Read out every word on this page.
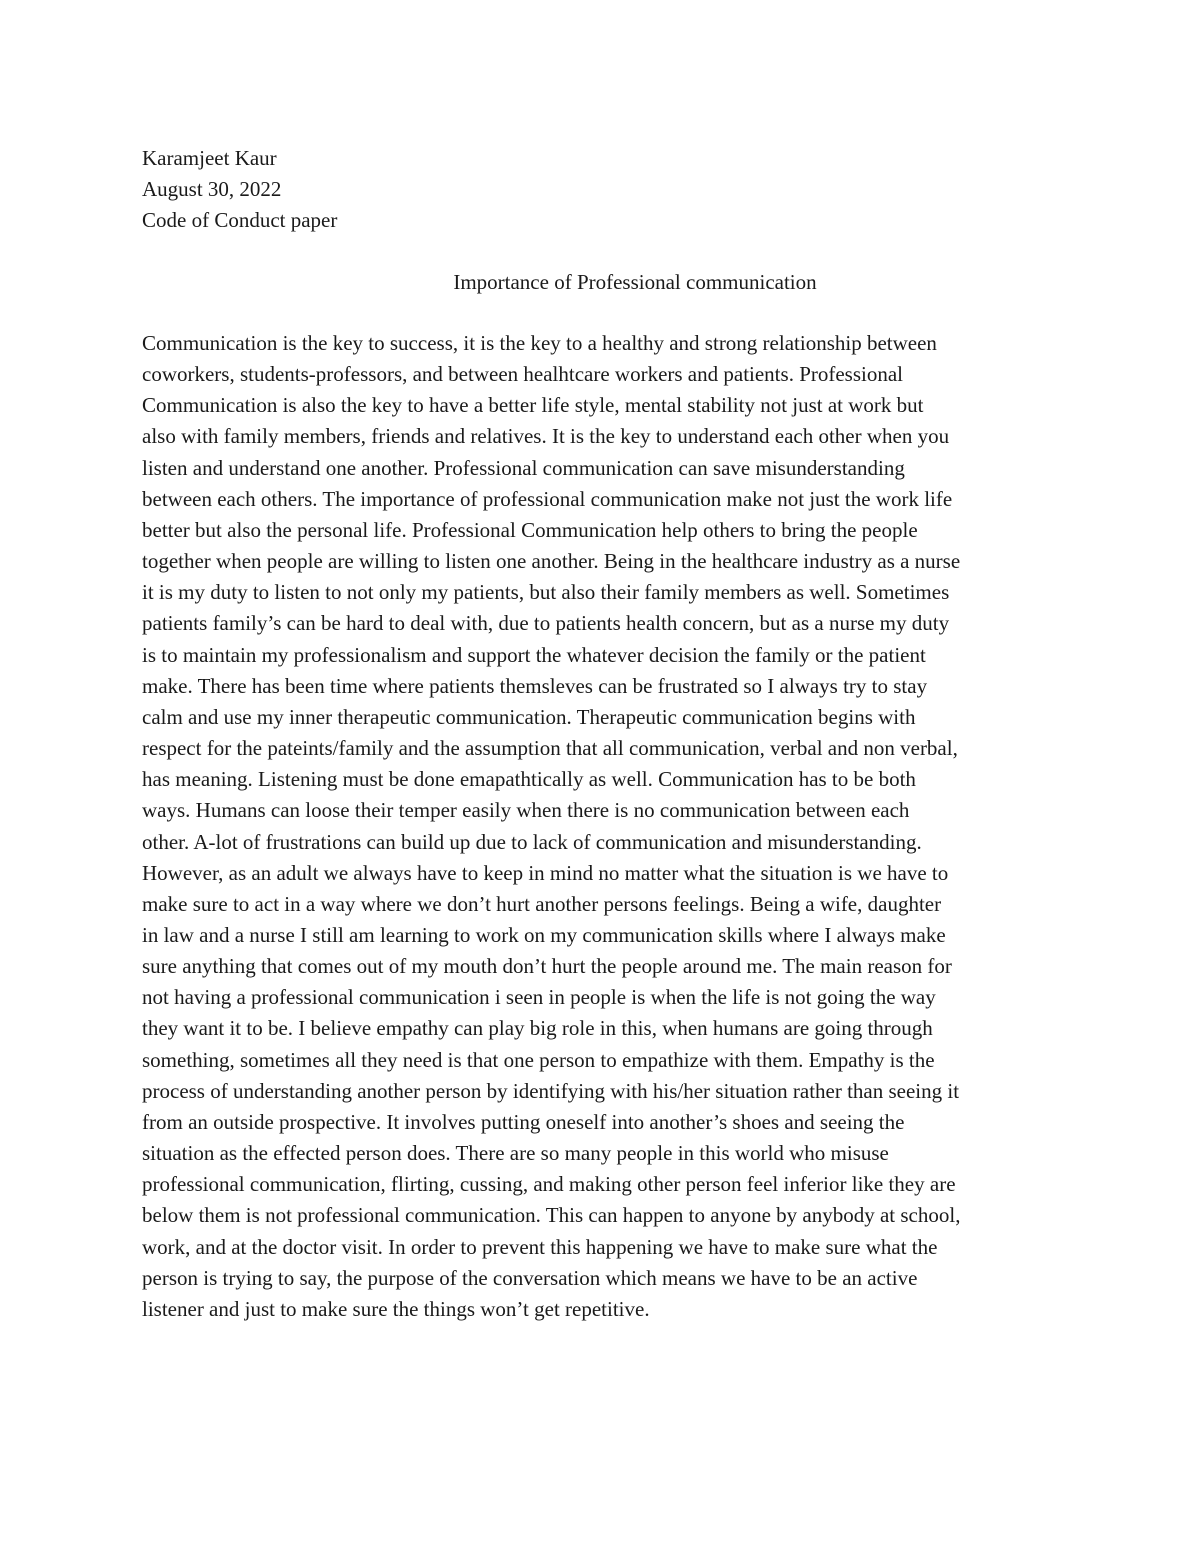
Karamjeet Kaur
August 30, 2022
Code of Conduct paper
Importance of Professional communication
Communication is the key to success, it is the key to a healthy and strong relationship between
coworkers, students-professors, and between healhtcare workers and patients. Professional
Communication is also the key to have a better life style, mental stability not just at work but
also with family members, friends and relatives. It is the key to understand each other when you
listen and understand one another. Professional communication can save misunderstanding
between each others. The importance of professional communication make not just the work life
better but also the personal life. Professional Communication help others to bring the people
together when people are willing to listen one another. Being in the healthcare industry as a nurse
it is my duty to listen to not only my patients, but also their family members as well. Sometimes
patients family’s can be hard to deal with, due to patients health concern, but as a nurse my duty
is to maintain my professionalism and support the whatever decision the family or the patient
make. There has been time where patients themsleves can be frustrated so I always try to stay
calm and use my inner therapeutic communication. Therapeutic communication begins with
respect for the pateints/family and the assumption that all communication, verbal and non verbal,
has meaning. Listening must be done emapathtically as well. Communication has to be both
ways. Humans can loose their temper easily when there is no communication between each
other. A-lot of frustrations can build up due to lack of communication and misunderstanding.
However, as an adult we always have to keep in mind no matter what the situation is we have to
make sure to act in a way where we don’t hurt another persons feelings. Being a wife, daughter
in law and a nurse I still am learning to work on my communication skills where I always make
sure anything that comes out of my mouth don’t hurt the people around me. The main reason for
not having a professional communication i seen in people is when the life is not going the way
they want it to be. I believe empathy can play big role in this, when humans are going through
something, sometimes all they need is that one person to empathize with them. Empathy is the
process of understanding another person by identifying with his/her situation rather than seeing it
from an outside prospective. It involves putting oneself into another’s shoes and seeing the
situation as the effected person does. There are so many people in this world who misuse
professional communication, flirting, cussing, and making other person feel inferior like they are
below them is not professional communication. This can happen to anyone by anybody at school,
work, and at the doctor visit. In order to prevent this happening we have to make sure what the
person is trying to say, the purpose of the conversation which means we have to be an active
listener and just to make sure the things won’t get repetitive.
